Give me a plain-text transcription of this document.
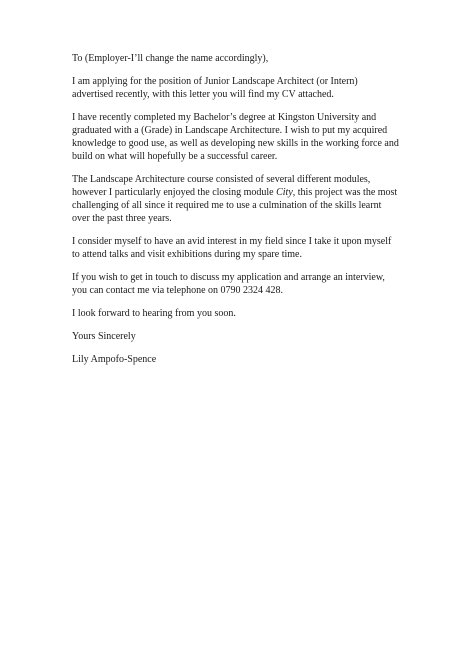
To (Employer-I’ll change the name accordingly),

I am applying for the position of Junior Landscape Architect (or Intern)
advertised recently, with this letter you will find my CV attached.

I have recently completed my Bachelor’s degree at Kingston University and
graduated with a (Grade) in Landscape Architecture. I wish to put my acquired
knowledge to good use, as well as developing new skills in the working force and
build on what will hopefully be a successful career.

The Landscape Architecture course consisted of several different modules,
however I particularly enjoyed the closing module City, this project was the most
challenging of all since it required me to use a culmination of the skills learnt
over the past three years.

I consider myself to have an avid interest in my field since I take it upon myself
to attend talks and visit exhibitions during my spare time.

If you wish to get in touch to discuss my application and arrange an interview,
you can contact me via telephone on 0790 2324 428.

I look forward to hearing from you soon.

Yours Sincerely

Lily Ampofo-Spence
